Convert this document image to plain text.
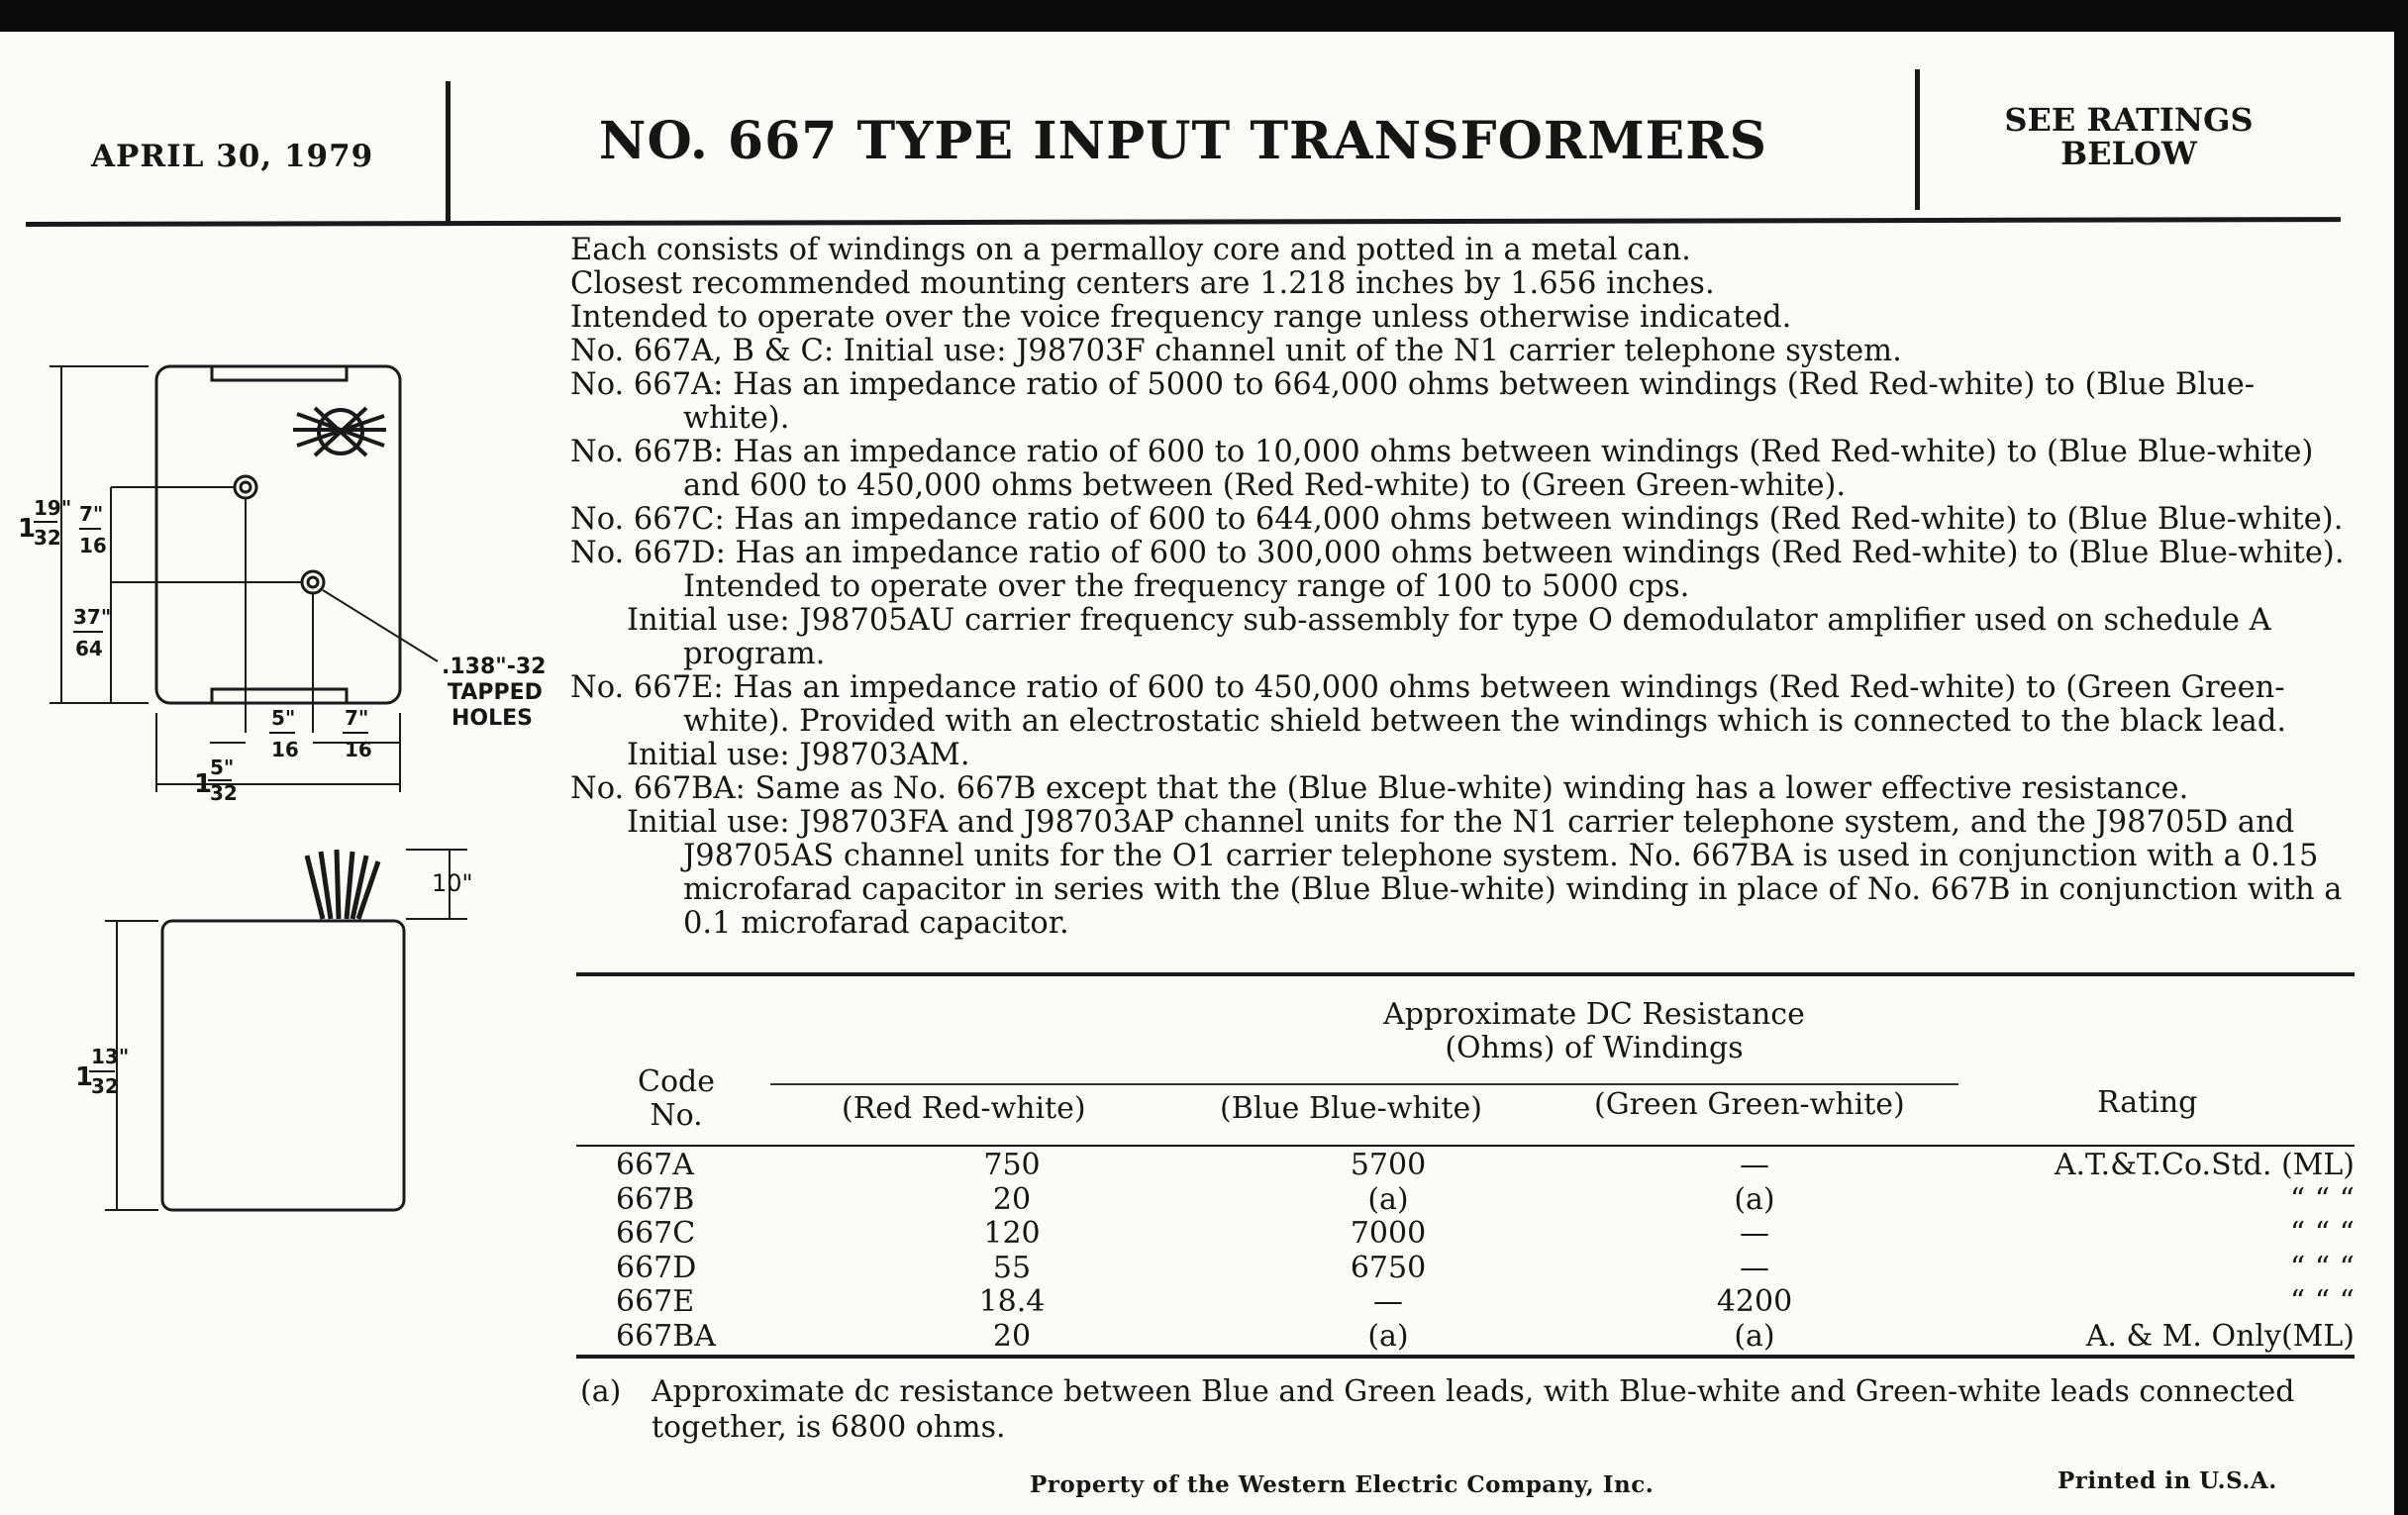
APRIL 30, 1979	NO. 667 TYPE INPUT TRANSFORMERS	SEE RATINGS
BELOW
1
19"
32
7"
16
37"
64
5"
16
7"
16
1
5"
32
.138"-32
TAPPED
HOLES
10"
1
13"
32
Each consists of windings on a permalloy core and potted in a metal can.
Closest recommended mounting centers are 1.218 inches by 1.656 inches.
Intended to operate over the voice frequency range unless otherwise indicated.
No. 667A, B & C: Initial use: J98703F channel unit of the N1 carrier telephone system.
No. 667A: Has an impedance ratio of 5000 to 664,000 ohms between windings (Red Red-white) to (Blue Blue-white).
No. 667B: Has an impedance ratio of 600 to 10,000 ohms between windings (Red Red-white) to (Blue Blue-white) and 600 to 450,000 ohms between (Red Red-white) to (Green Green-white).
No. 667C: Has an impedance ratio of 600 to 644,000 ohms between windings (Red Red-white) to (Blue Blue-white).
No. 667D: Has an impedance ratio of 600 to 300,000 ohms between windings (Red Red-white) to (Blue Blue-white). Intended to operate over the frequency range of 100 to 5000 cps.
Initial use: J98705AU carrier frequency sub-assembly for type O demodulator amplifier used on schedule A program.
No. 667E: Has an impedance ratio of 600 to 450,000 ohms between windings (Red Red-white) to (Green Green-white). Provided with an electrostatic shield between the windings which is connected to the black lead.
Initial use: J98703AM.
No. 667BA: Same as No. 667B except that the (Blue Blue-white) winding has a lower effective resistance.
Initial use: J98703FA and J98703AP channel units for the N1 carrier telephone system, and the J98705D and J98705AS channel units for the O1 carrier telephone system. No. 667BA is used in conjunction with a 0.15 microfarad capacitor in series with the (Blue Blue-white) winding in place of No. 667B in conjunction with a 0.1 microfarad capacitor.
Approximate DC Resistance
(Ohms) of Windings
Code
No.	(Red Red-white)	(Blue Blue-white)	(Green Green-white)	Rating
667A	750	5700	—	A.T.&T.Co.Std. (ML)
667B	20	(a)	(a)	“ “ “
667C	120	7000	—	“ “ “
667D	55	6750	—	“ “ “
667E	18.4	—	4200	“ “ “
667BA	20	(a)	(a)	A. & M. Only(ML)
(a) Approximate dc resistance between Blue and Green leads, with Blue-white and Green-white leads connected together, is 6800 ohms.
Property of the Western Electric Company, Inc.	Printed in U.S.A.
